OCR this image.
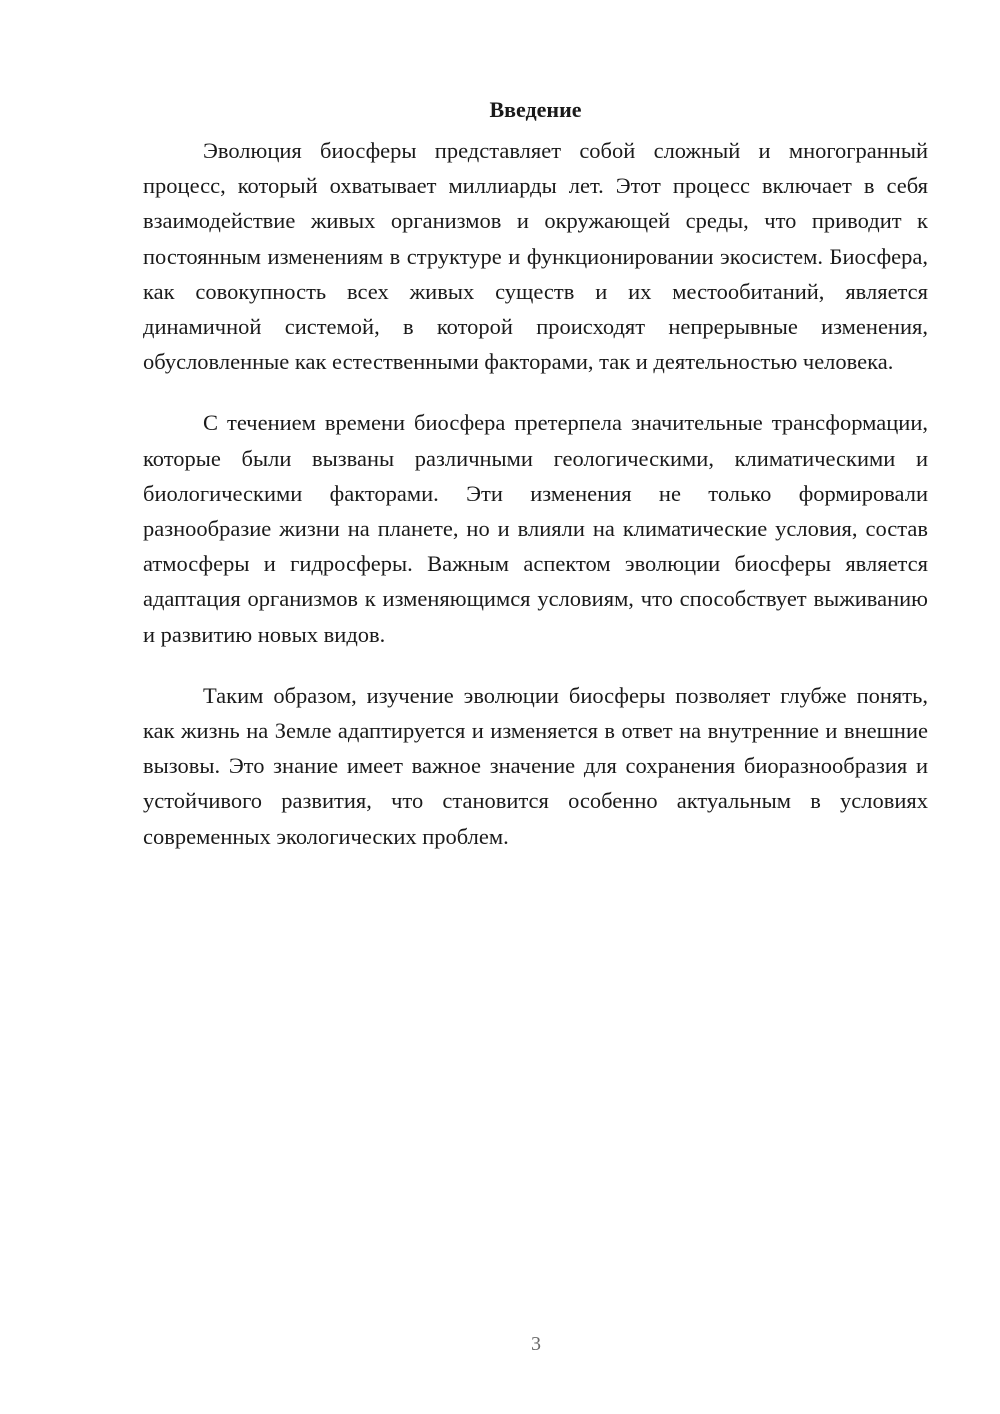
Введение

Эволюция биосферы представляет собой сложный и многогранный процесс, который охватывает миллиарды лет. Этот процесс включает в себя взаимодействие живых организмов и окружающей среды, что приводит к постоянным изменениям в структуре и функционировании экосистем. Биосфера, как совокупность всех живых существ и их местообитаний, является динамичной системой, в которой происходят непрерывные изменения, обусловленные как естественными факторами, так и деятельностью человека.

С течением времени биосфера претерпела значительные трансформации, которые были вызваны различными геологическими, климатическими и биологическими факторами. Эти изменения не только формировали разнообразие жизни на планете, но и влияли на климатические условия, состав атмосферы и гидросферы. Важным аспектом эволюции биосферы является адаптация организмов к изменяющимся условиям, что способствует выживанию и развитию новых видов.

Таким образом, изучение эволюции биосферы позволяет глубже понять, как жизнь на Земле адаптируется и изменяется в ответ на внутренние и внешние вызовы. Это знание имеет важное значение для сохранения биоразнообразия и устойчивого развития, что становится особенно актуальным в условиях современных экологических проблем.

3
